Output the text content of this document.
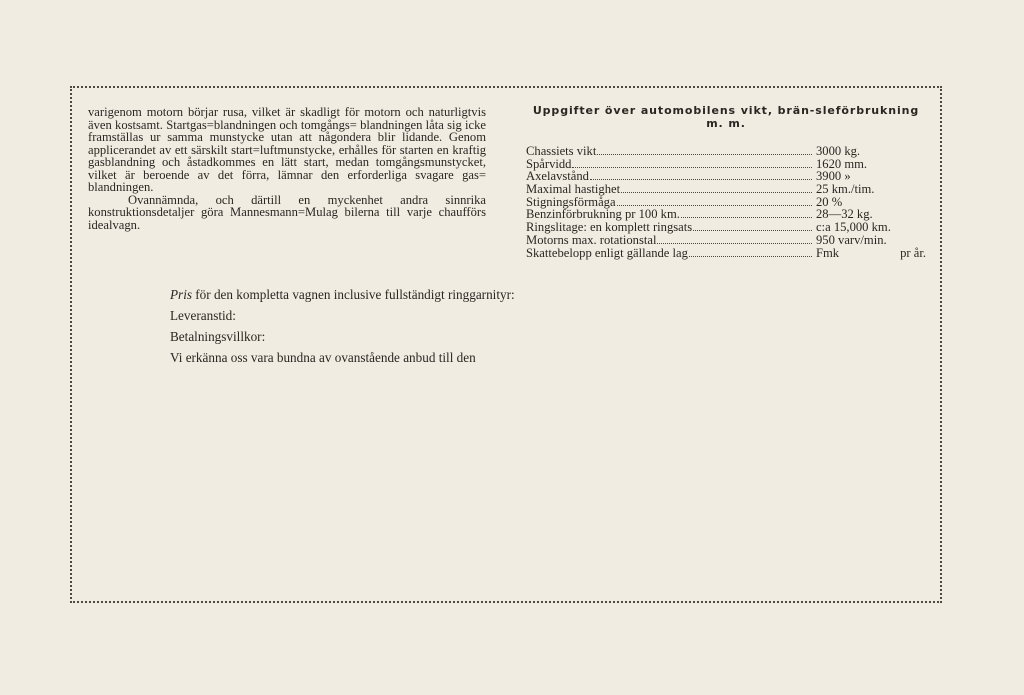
varigenom motorn börjar rusa, vilket är skadligt för motorn och naturligtvis även kostsamt. Startgas=blandningen och tomgångs= blandningen låta sig icke framställas ur samma munstycke utan att någondera blir lidande. Genom applicerandet av ett särskilt start=luftmunstycke, erhålles för starten en kraftig gasblandning och åstadkommes en lätt start, medan tomgångsmunstycket, vilket är beroende av det förra, lämnar den erforderliga svagare gas= blandningen.

Ovannämnda, och därtill en myckenhet andra sinnrika konstruktionsdetaljer göra Mannesmann=Mulag bilerna till varje chaufförs idealvagn.

Uppgifter över automobilens vikt, brän-sleförbrukning m. m.
Chassiets vikt	3000 kg.
Spårvidd	1620 mm.
Axelavstånd	3900 »
Maximal hastighet	25 km./tim.
Stigningsförmåga	20 %
Benzinförbrukning pr 100 km.	28—32 kg.
Ringslitage: en komplett ringsats	c:a 15,000 km.
Motorns max. rotationstal	950 varv/min.
Skattebelopp enligt gällande lag	Fmk	pr år.
Pris för den kompletta vagnen inclusive fullständigt ringgarnityr:
Leveranstid:
Betalningsvillkor:
Vi erkänna oss vara bundna av ovanstående anbud till den
